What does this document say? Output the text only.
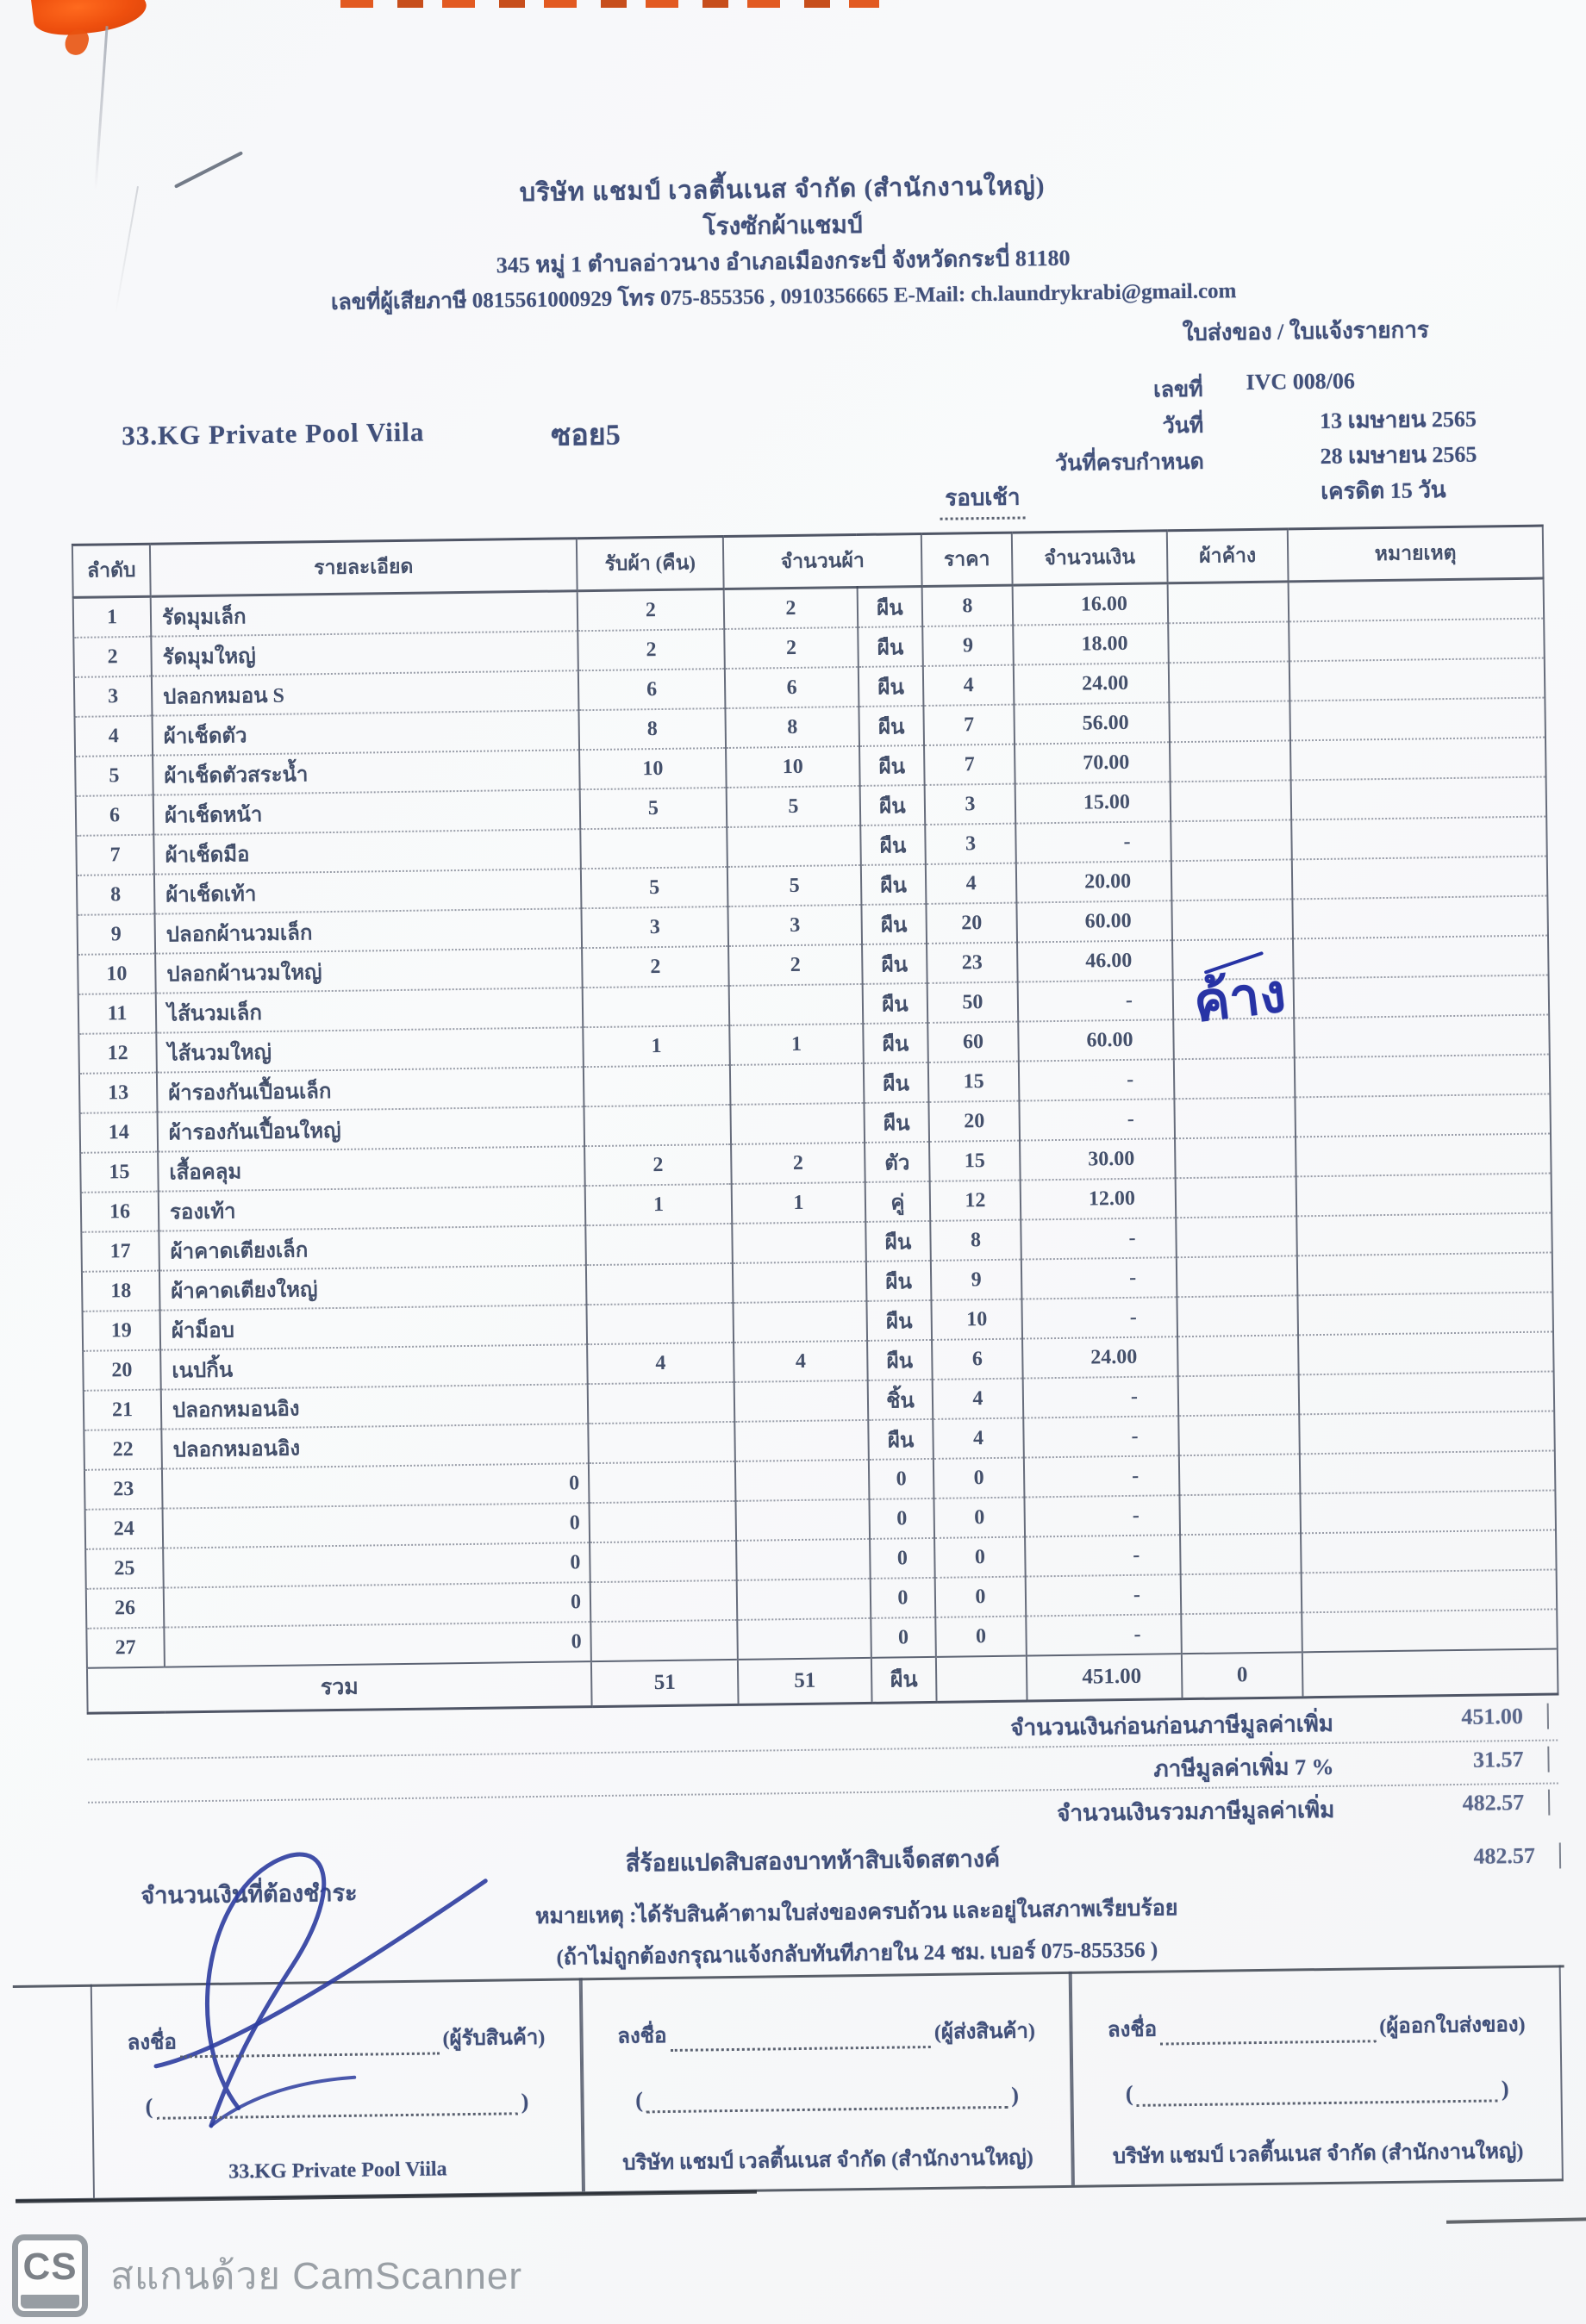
บริษัท แชมป์ เวลตี้นเนส จำกัด (สำนักงานใหญ่)
โรงซักผ้าแชมป์
345 หมู่ 1 ตำบลอ่าวนาง อำเภอเมืองกระบี่ จังหวัดกระบี่ 81180
เลขที่ผู้เสียภาษี 0815561000929 โทร 075-855356 , 0910356665 E-Mail: ch.laundrykrabi@gmail.com
ใบส่งของ / ใบแจ้งรายการ
เลขที่ IVC 008/06
วันที่	13 เมษายน 2565
วันที่ครบกำหนด	28 เมษายน 2565
เครดิต 15 วัน
รอบเช้า
33.KG Private Pool Viila	ซอย5
ลำดับ	รายละเอียด	รับผ้า (คืน)	จำนวนผ้า		ราคา	จำนวนเงิน	ผ้าค้าง	หมายเหตุ
1	รัดมุมเล็ก	2	2	ผืน	8	16.00		
2	รัดมุมใหญ่	2	2	ผืน	9	18.00		
3	ปลอกหมอน S	6	6	ผืน	4	24.00		
4	ผ้าเช็ดตัว	8	8	ผืน	7	56.00		
5	ผ้าเช็ดตัวสระน้ำ	10	10	ผืน	7	70.00		
6	ผ้าเช็ดหน้า	5	5	ผืน	3	15.00		
7	ผ้าเช็ดมือ			ผืน	3	-		
8	ผ้าเช็ดเท้า	5	5	ผืน	4	20.00		
9	ปลอกผ้านวมเล็ก	3	3	ผืน	20	60.00		
10	ปลอกผ้านวมใหญ่	2	2	ผืน	23	46.00		
11	ไส้นวมเล็ก			ผืน	50	-		
12	ไส้นวมใหญ่	1	1	ผืน	60	60.00		
13	ผ้ารองกันเปื้อนเล็ก			ผืน	15	-		
14	ผ้ารองกันเปื้อนใหญ่			ผืน	20	-		
15	เสื้อคลุม	2	2	ตัว	15	30.00		
16	รองเท้า	1	1	คู่	12	12.00		
17	ผ้าคาดเตียงเล็ก			ผืน	8	-		
18	ผ้าคาดเตียงใหญ่			ผืน	9	-		
19	ผ้าม็อบ			ผืน	10	-		
20	เนปกิ้น	4	4	ผืน	6	24.00		
21	ปลอกหมอนอิง			ชิ้น	4	-		
22	ปลอกหมอนอิง			ผืน	4	-		
23	0			0	0	-		
24	0			0	0	-		
25	0			0	0	-		
26	0			0	0	-		
27	0			0	0	-		
รวม		51	51	ผืน		451.00	0	
ค้าง
จำนวนเงินก่อนก่อนภาษีมูลค่าเพิ่ม	451.00
ภาษีมูลค่าเพิ่ม 7 %	31.57
จำนวนเงินรวมภาษีมูลค่าเพิ่ม	482.57
จำนวนเงินที่ต้องชำระ
สี่ร้อยแปดสิบสองบาทห้าสิบเจ็ดสตางค์	482.57
หมายเหตุ :ได้รับสินค้าตามใบส่งของครบถ้วน และอยู่ในสภาพเรียบร้อย
(ถ้าไม่ถูกต้องกรุณาแจ้งกลับทันทีภายใน 24 ชม. เบอร์ 075-855356 )
ลงชื่อ	(ผู้รับสินค้า)
(	)
33.KG Private Pool Viila
ลงชื่อ	(ผู้ส่งสินค้า)
(	)
บริษัท แชมป์ เวลตี้นเนส จำกัด (สำนักงานใหญ่)
ลงชื่อ	(ผู้ออกใบส่งของ)
(	)
บริษัท แชมป์ เวลตี้นเนส จำกัด (สำนักงานใหญ่)
CS สแกนด้วย CamScanner
